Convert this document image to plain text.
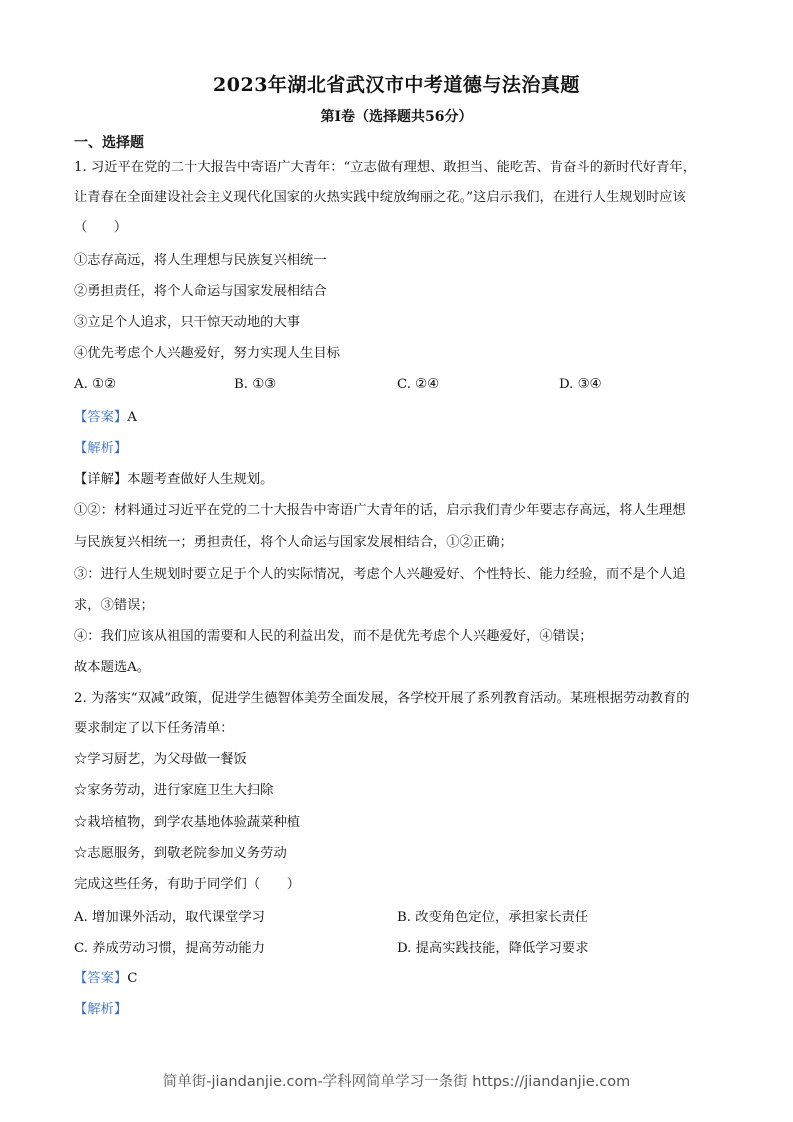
2023年湖北省武汉市中考道德与法治真题
第I卷（选择题共56分）
一、选择题
1. 习近平在党的二十大报告中寄语广大青年：“立志做有理想、敢担当、能吃苦、肯奋斗的新时代好青年，
让青春在全面建设社会主义现代化国家的火热实践中绽放绚丽之花。”这启示我们，在进行人生规划时应该
（　　）
①志存高远，将人生理想与民族复兴相统一
②勇担责任，将个人命运与国家发展相结合
③立足个人追求，只干惊天动地的大事
④优先考虑个人兴趣爱好，努力实现人生目标
A. ①②	B. ①③	C. ②④	D. ③④
【答案】A
【解析】
【详解】本题考查做好人生规划。
①②：材料通过习近平在党的二十大报告中寄语广大青年的话，启示我们青少年要志存高远，将人生理想
与民族复兴相统一；勇担责任，将个人命运与国家发展相结合，①②正确；
③：进行人生规划时要立足于个人的实际情况，考虑个人兴趣爱好、个性特长、能力经验，而不是个人追
求，③错误；
④：我们应该从祖国的需要和人民的利益出发，而不是优先考虑个人兴趣爱好，④错误；
故本题选A。
2. 为落实“双减”政策，促进学生德智体美劳全面发展，各学校开展了系列教育活动。某班根据劳动教育的
要求制定了以下任务清单：
☆学习厨艺，为父母做一餐饭
☆家务劳动，进行家庭卫生大扫除
☆栽培植物，到学农基地体验蔬菜种植
☆志愿服务，到敬老院参加义务劳动
完成这些任务，有助于同学们（　　）
A. 增加课外活动，取代课堂学习	B. 改变角色定位，承担家长责任
C. 养成劳动习惯，提高劳动能力	D. 提高实践技能，降低学习要求
【答案】C
【解析】
简单街-jiandanjie.com-学科网简单学习一条街 https://jiandanjie.com
